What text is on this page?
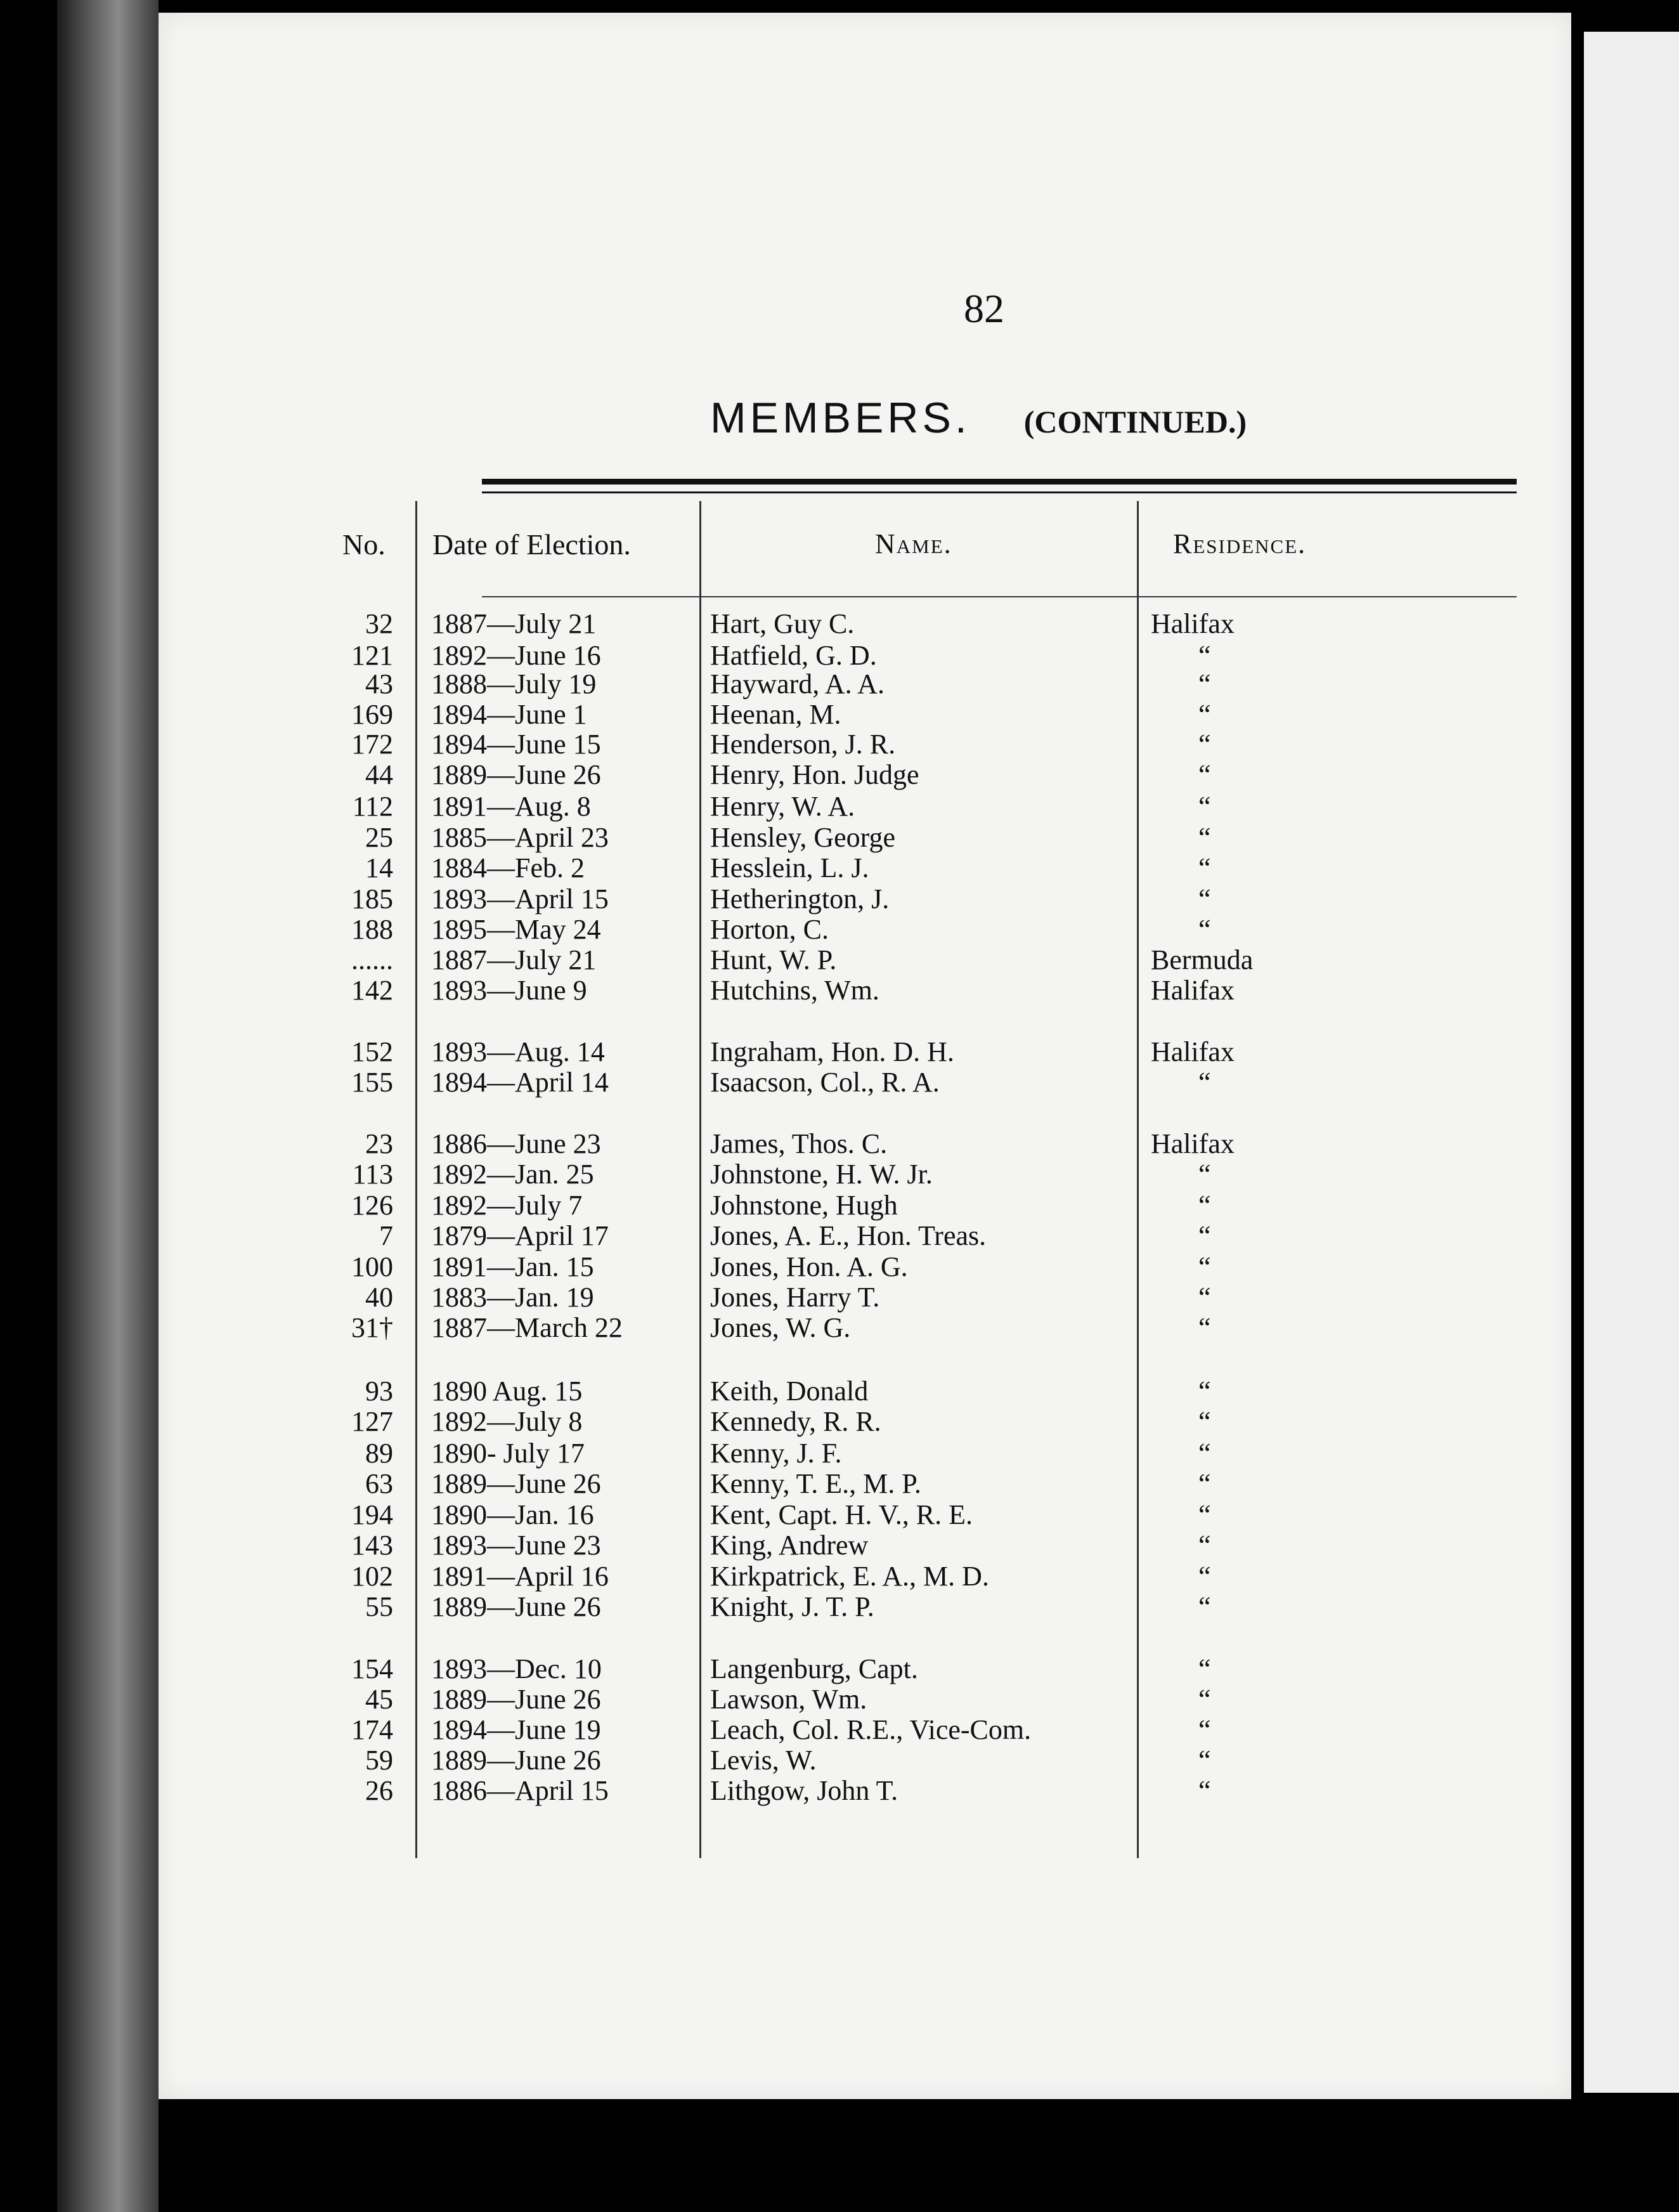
82
MEMBERS. (CONTINUED.)
No. Date of Election.	Name.	Residence.
32 1887—July 21	Hart, Guy C.	Halifax
121 1892—June 16	Hatfield, G. D.	“
43 1888—July 19	Hayward, A. A.	“
169 1894—June 1	Heenan, M.	“
172 1894—June 15	Henderson, J. R.	“
44 1889—June 26	Henry, Hon. Judge	“
112 1891—Aug. 8	Henry, W. A.	“
25 1885—April 23	Hensley, George	“
14 1884—Feb. 2	Hesslein, L. J.	“
185 1893—April 15	Hetherington, J.	“
188 1895—May 24	Horton, C.	“
...... 1887—July 21	Hunt, W. P.	Bermuda
142 1893—June 9	Hutchins, Wm.	Halifax
152 1893—Aug. 14	Ingraham, Hon. D. H.	Halifax
155 1894—April 14	Isaacson, Col., R. A.	“
23 1886—June 23	James, Thos. C.	Halifax
113 1892—Jan. 25	Johnstone, H. W. Jr.	“
126 1892—July 7	Johnstone, Hugh	“
7 1879—April 17	Jones, A. E., Hon. Treas.	“
100 1891—Jan. 15	Jones, Hon. A. G.	“
40 1883—Jan. 19	Jones, Harry T.	“
31† 1887—March 22	Jones, W. G.	“
93 1890 Aug. 15	Keith, Donald	“
127 1892—July 8	Kennedy, R. R.	“
89 1890- July 17	Kenny, J. F.	“
63 1889—June 26	Kenny, T. E., M. P.	“
194 1890—Jan. 16	Kent, Capt. H. V., R. E.	“
143 1893—June 23	King, Andrew	“
102 1891—April 16	Kirkpatrick, E. A., M. D.	“
55 1889—June 26	Knight, J. T. P.	“
154 1893—Dec. 10	Langenburg, Capt.	“
45 1889—June 26	Lawson, Wm.	“
174 1894—June 19	Leach, Col. R.E., Vice-Com.	“
59 1889—June 26	Levis, W.	“
26 1886—April 15	Lithgow, John T.	“
